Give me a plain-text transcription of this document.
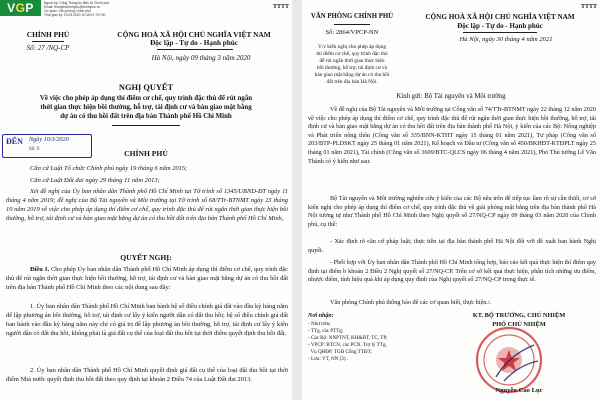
VGP	Người ký: Cổng Thông tin điện tử Chính phủ
Email: thongtinchinhphu@chinhphu.vn
Cơ quan: Văn phòng Chính phủ
Thời gian ký: 10.03.2020 10:49:01 +07:00
TTTT
CHÍNH PHỦ
Số: 27 /NQ-CP
CỘNG HOÀ XÃ HỘI CHỦ NGHĨA VIỆT NAM
Độc lập - Tự do - Hạnh phúc
Hà Nội, ngày 09 tháng 3 năm 2020
NGHỊ QUYẾT
Về việc cho phép áp dụng thí điểm cơ chế, quy trình đặc thù để rút ngắn
thời gian thực hiện bồi thường, hỗ trợ, tái định cư và bàn giao mặt bằng
dự án có thu hồi đất trên địa bàn Thành phố Hồ Chí Minh
ĐẾN Ngày 10/3/2020
Số: 0	CHÍNH PHỦ
Căn cứ Luật Tổ chức Chính phủ ngày 19 tháng 6 năm 2015;
Căn cứ Luật Đất đai ngày 29 tháng 11 năm 2013;
Xét đề nghị của Ủy ban nhân dân Thành phố Hồ Chí Minh tại Tờ trình số 1345/UBND-ĐT ngày 11 tháng 4 năm 2019; đề nghị của Bộ Tài nguyên và Môi trường tại Tờ trình số 68/TTr-BTNMT ngày 23 tháng 10 năm 2019 về việc cho phép áp dụng thí điểm cơ chế, quy trình đặc thù để rút ngắn thời gian thực hiện bồi thường, hỗ trợ, tái định cư và bàn giao mặt bằng dự án có thu hồi đất trên địa bàn Thành phố Hồ Chí Minh,
QUYẾT NGHỊ:
Điều 1. Cho phép Ủy ban nhân dân Thành phố Hồ Chí Minh áp dụng thí điểm cơ chế, quy trình đặc thù để rút ngắn thời gian thực hiện bồi thường, hỗ trợ, tái định cư và bàn giao mặt bằng dự án có thu hồi đất trên địa bàn Thành phố Hồ Chí Minh theo các nội dung sau đây:
1. Ủy ban nhân dân Thành phố Hồ Chí Minh ban hành hệ số điều chỉnh giá đất vào đầu kỳ hàng năm để lập phương án bồi thường, hỗ trợ, tái định cư lấy ý kiến người dân có đất thu hồi; hệ số điều chỉnh giá đất ban hành vào đầu kỳ hàng năm này chỉ có giá trị để lập phương án bồi thường, hỗ trợ, tái định cư lấy ý kiến người dân có đất thu hồi, không phải là giá đất cụ thể của loại đất thu hồi tại thời điểm quyết định thu hồi đất.
2. Ủy ban nhân dân Thành phố Hồ Chí Minh quyết định giá đất cụ thể của loại đất thu hồi tại thời điểm Nhà nước quyết định thu hồi đất theo quy định tại khoản 2 Điều 74 của Luật Đất đai 2013.
TTTT
VĂN PHÒNG CHÍNH PHỦ
Số: 2864/VPCP-NN
CỘNG HOÀ XÃ HỘI CHỦ NGHĨA VIỆT NAM
Độc lập - Tự do - Hạnh phúc
Hà Nội, ngày 30 tháng 4 năm 2021
V/v kiến nghị cho phép áp dụng
thí điểm cơ chế, quy trình đặc thù
để rút ngắn thời gian thực hiện
bồi thường, hỗ trợ, tái định cư và
bàn giao mặt bằng dự án có thu hồi
đất trên địa bàn Hà Nội.
Kính gửi: Bộ Tài nguyên và Môi trường
Về đề nghị của Bộ Tài nguyên và Môi trường tại Công văn số 74/TTr-BTNMT ngày 22 tháng 12 năm 2020 về việc cho phép áp dụng thí điểm cơ chế, quy trình đặc thù để rút ngắn thời gian thực hiện bồi thường, hỗ trợ, tái định cư và bàn giao mặt bằng dự án có thu hồi đất trên địa bàn thành phố Hà Nội, ý kiến của các Bộ: Nông nghiệp và Phát triển nông thôn (Công văn số 335/BNN-KTHT ngày 15 tháng 01 năm 2021), Tư pháp (Công văn số 203/BTP-PLDSKT ngày 25 tháng 01 năm 2021), Kế hoạch và Đầu tư (Công văn số 450/BKHĐT-KTĐPLT ngày 25 tháng 01 năm 2021), Tài chính (Công văn số 3609/BTC-QLCS ngày 06 tháng 4 năm 2021), Phó Thủ tướng Lê Văn Thành có ý kiến như sau:
Bộ Tài nguyên và Môi trường nghiên cứu ý kiến của các Bộ nêu trên để tiếp tục làm rõ sự cần thiết, cơ sở kiến nghị cho phép áp dụng thí điểm cơ chế, quy trình đặc thù về giải phóng mặt bằng trên địa bàn thành phố Hà Nội tương tự như Thành phố Hồ Chí Minh theo Nghị quyết số 27/NQ-CP ngày 09 tháng 03 năm 2020 của Chính phủ, cụ thể:
- Xác định rõ căn cứ pháp luật; thực tiễn tại địa bàn thành phố Hà Nội đối với đề xuất ban hành Nghị quyết.
- Phối hợp với Ủy ban nhân dân Thành phố Hồ Chí Minh tổng hợp, báo cáo kết quả thực hiện thí điểm quy định tại điểm b khoản 2 Điều 2 Nghị quyết số 27/NQ-CP. Trên cơ sở kết quả thực hiện, phân tích những ưu điểm, nhược điểm, tính hiệu quả khi áp dụng quy định của Nghị quyết số 27/NQ-CP trong thực tế.
Văn phòng Chính phủ thông báo để các cơ quan biết, thực hiện./.
Nơi nhận:
- Như trên;
- TTg, các PTTg;
- Các Bộ: NNPTNT, KH&ĐT, TC, TP;
- VPCP: BTCN, các PCN, Trợ lý TTg,
Vụ QHĐP, TGĐ Cổng TTĐT;
- Lưu: VT, NN (3) .
KT. BỘ TRƯỞNG, CHỦ NHIỆM
PHÓ CHỦ NHIỆM
Nguyễn Cao Lục
